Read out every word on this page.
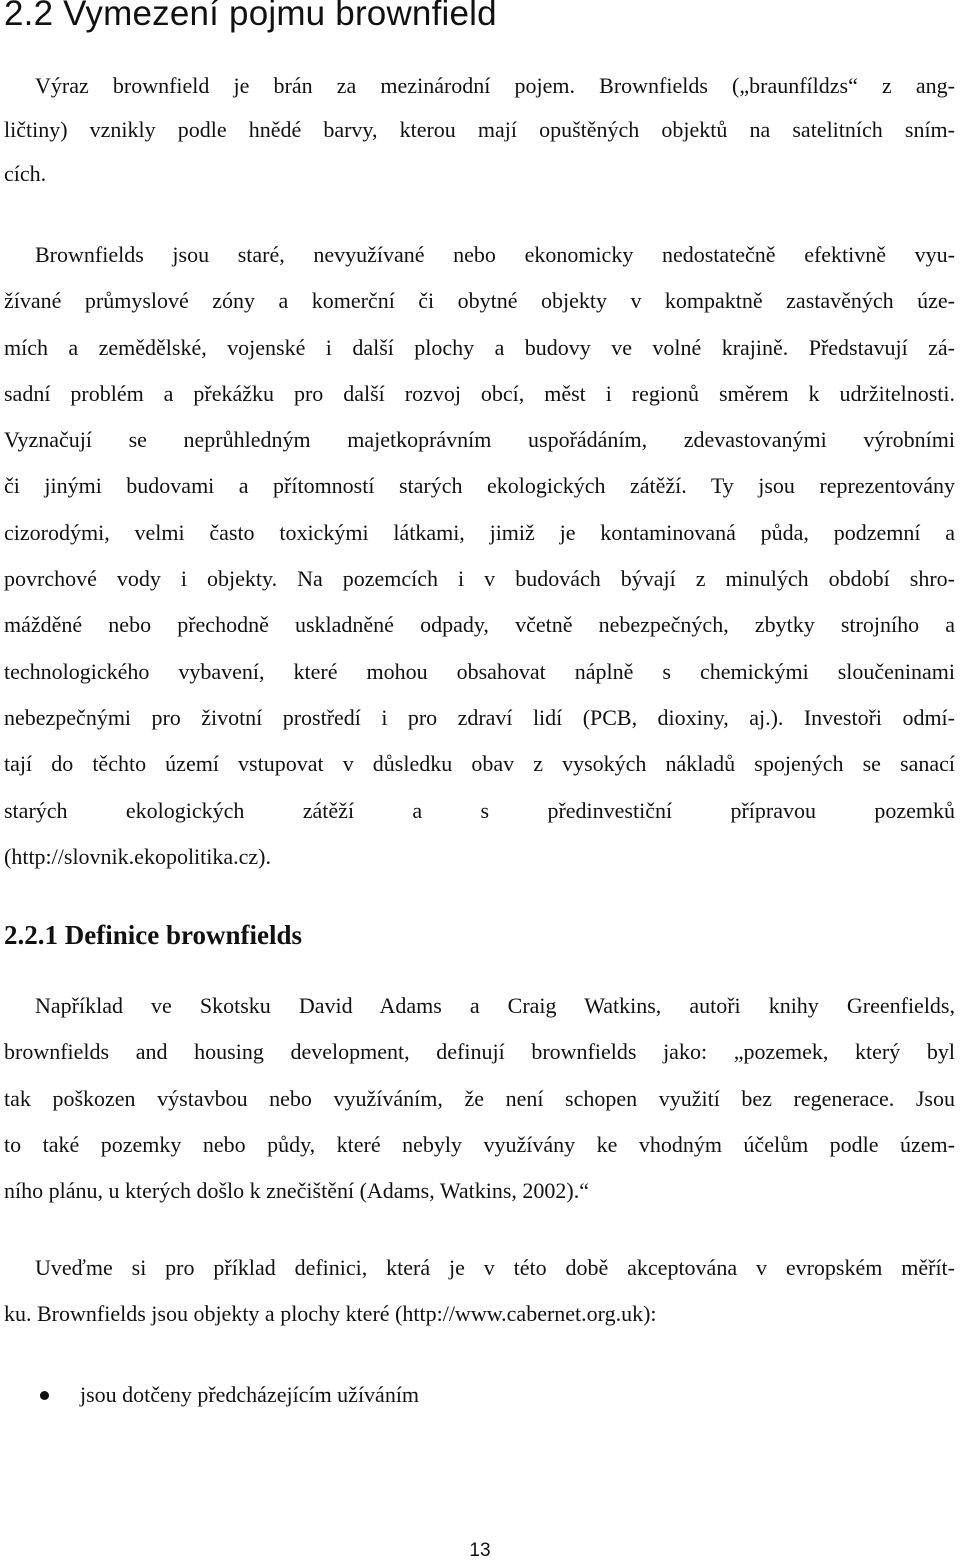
2.2 Vymezení pojmu brownfield
Výraz brownfield je brán za mezinárodní pojem. Brownfields („braunfíldzs“ z ang-
ličtiny) vznikly podle hnědé barvy, kterou mají opuštěných objektů na satelitních sním-
cích.
Brownfields jsou staré, nevyužívané nebo ekonomicky nedostatečně efektivně vyu-
žívané průmyslové zóny a komerční či obytné objekty v kompaktně zastavěných úze-
mích a zemědělské, vojenské i další plochy a budovy ve volné krajině. Představují zá-
sadní problém a překážku pro další rozvoj obcí, měst i regionů směrem k udržitelnosti.
Vyznačují se neprůhledným majetkoprávním uspořádáním, zdevastovanými výrobními
či jinými budovami a přítomností starých ekologických zátěží. Ty jsou reprezentovány
cizorodými, velmi často toxickými látkami, jimiž je kontaminovaná půda, podzemní a
povrchové vody i objekty. Na pozemcích i v budovách bývají z minulých období shro-
mážděné nebo přechodně uskladněné odpady, včetně nebezpečných, zbytky strojního a
technologického vybavení, které mohou obsahovat náplně s chemickými sloučeninami
nebezpečnými pro životní prostředí i pro zdraví lidí (PCB, dioxiny, aj.). Investoři odmí-
tají do těchto území vstupovat v důsledku obav z vysokých nákladů spojených se sanací
starých ekologických zátěží a s předinvestiční přípravou pozemků
(http://slovnik.ekopolitika.cz).
2.2.1 Definice brownfields
Například ve Skotsku David Adams a Craig Watkins, autoři knihy Greenfields,
brownfields and housing development, definují brownfields jako: „pozemek, který byl
tak poškozen výstavbou nebo využíváním, že není schopen využití bez regenerace. Jsou
to také pozemky nebo půdy, které nebyly využívány ke vhodným účelům podle územ-
ního plánu, u kterých došlo k znečištění (Adams, Watkins, 2002).“
Uveďme si pro příklad definici, která je v této době akceptována v evropském měřít-
ku. Brownfields jsou objekty a plochy které (http://www.cabernet.org.uk):
jsou dotčeny předcházejícím užíváním
13
